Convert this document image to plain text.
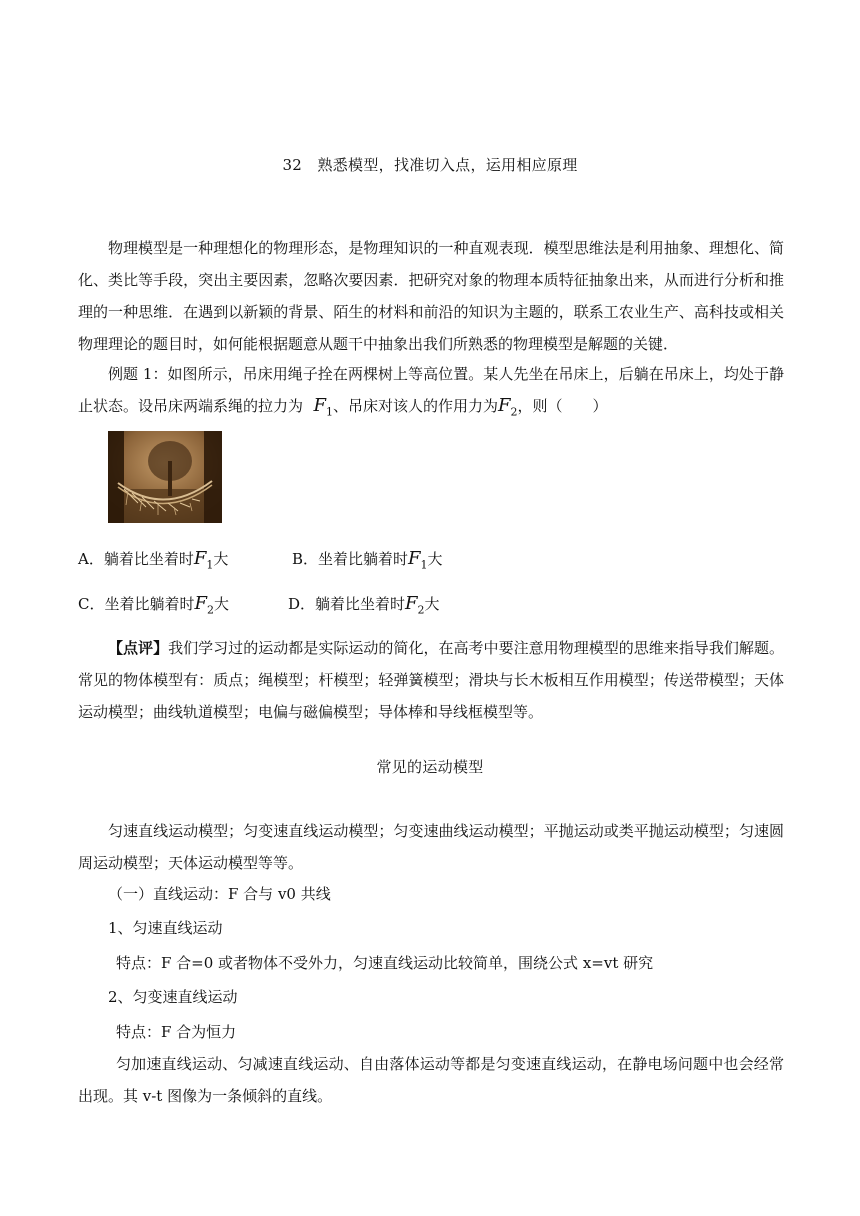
32　熟悉模型，找准切入点，运用相应原理
物理模型是一种理想化的物理形态，是物理知识的一种直观表现．模型思维法是利用抽象、理想化、简化、类比等手段，突出主要因素，忽略次要因素．把研究对象的物理本质特征抽象出来，从而进行分析和推理的一种思维．在遇到以新颖的背景、陌生的材料和前沿的知识为主题的，联系工农业生产、高科技或相关物理理论的题目时，如何能根据题意从题干中抽象出我们所熟悉的物理模型是解题的关键．
例题 1：如图所示，吊床用绳子拴在两棵树上等高位置。某人先坐在吊床上，后躺在吊床上，均处于静止状态。设吊床两端系绳的拉力为 $F_1$、吊床对该人的作用力为$F_2$，则（　　）
A．躺着比坐着时$F_1$大	B．坐着比躺着时$F_1$大
C．坐着比躺着时$F_2$大	D．躺着比坐着时$F_2$大
【点评】我们学习过的运动都是实际运动的简化，在高考中要注意用物理模型的思维来指导我们解题。常见的物体模型有：质点；绳模型；杆模型；轻弹簧模型；滑块与长木板相互作用模型；传送带模型；天体运动模型；曲线轨道模型；电偏与磁偏模型；导体棒和导线框模型等。
常见的运动模型
匀速直线运动模型；匀变速直线运动模型；匀变速曲线运动模型；平抛运动或类平抛运动模型；匀速圆周运动模型；天体运动模型等等。
（一）直线运动：F 合与 v0 共线
1、匀速直线运动
特点：F 合=0 或者物体不受外力，匀速直线运动比较简单，围绕公式 x=vt 研究
2、匀变速直线运动
特点：F 合为恒力
匀加速直线运动、匀减速直线运动、自由落体运动等都是匀变速直线运动，在静电场问题中也会经常出现。其 v-t 图像为一条倾斜的直线。
